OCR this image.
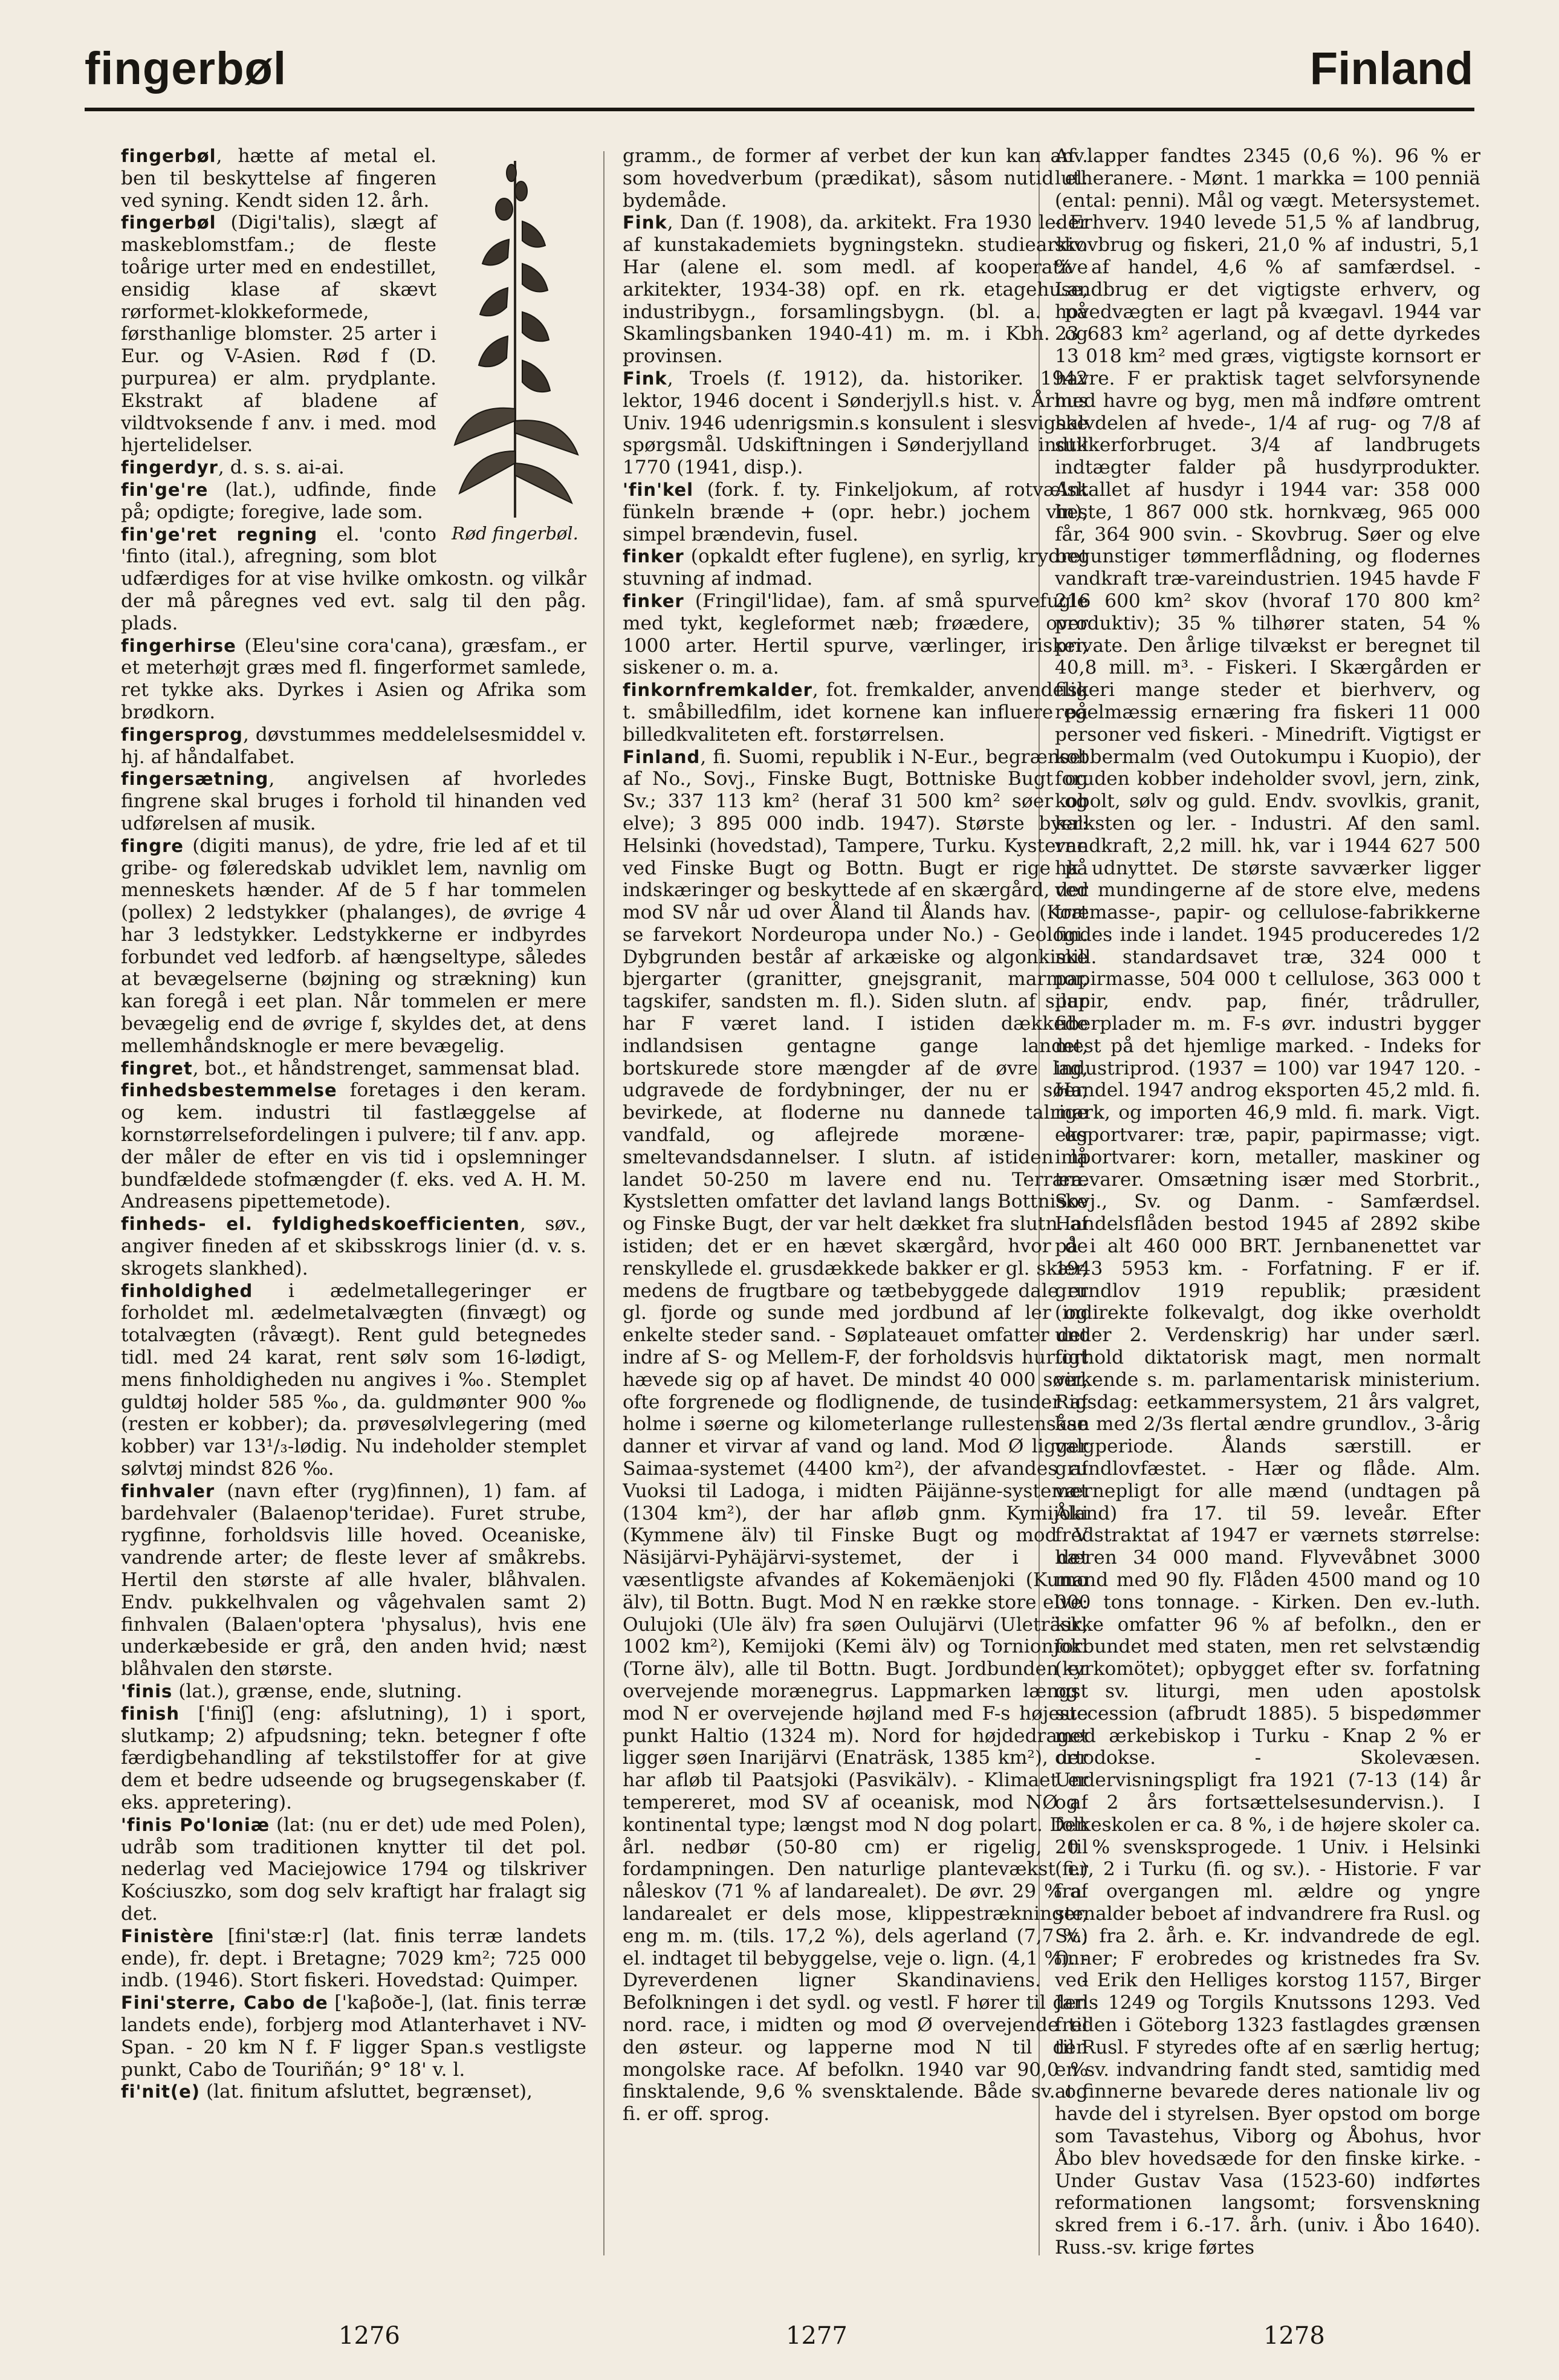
fingerbøl	Finland
Rød fingerbøl.

fingerbøl, hætte af metal el. ben til beskyttelse af fingeren ved syning. Kendt siden 12. årh.

fingerbøl (Digi'talis), slægt af maskeblomstfam.; de fleste toårige urter med en endestillet, ensidig klase af skævt rørformet-klokkeformede, førsthanlige blomster. 25 arter i Eur. og V-Asien. Rød f (D. purpurea) er alm. prydplante. Ekstrakt af bladene af vildtvoksende f anv. i med. mod hjertelidelser.

fingerdyr, d. s. s. ai-ai.

fin'ge're (lat.), udfinde, finde på; opdigte; foregive, lade som.

fin'ge'ret regning el. 'conto 'finto (ital.), afregning, som blot udfærdiges for at vise hvilke omkostn. og vilkår der må påregnes ved evt. salg til den påg. plads.

fingerhirse (Eleu'sine cora'cana), græsfam., er et meterhøjt græs med fl. fingerformet samlede, ret tykke aks. Dyrkes i Asien og Afrika som brødkorn.

fingersprog, døvstummes meddelelsesmiddel v. hj. af håndalfabet.

fingersætning, angivelsen af hvorledes fingrene skal bruges i forhold til hinanden ved udførelsen af musik.

fingre (digiti manus), de ydre, frie led af et til gribe- og føleredskab udviklet lem, navnlig om menneskets hænder. Af de 5 f har tommelen (pollex) 2 ledstykker (phalanges), de øvrige 4 har 3 ledstykker. Ledstykkerne er indbyrdes forbundet ved ledforb. af hængseltype, således at bevægelserne (bøjning og strækning) kun kan foregå i eet plan. Når tommelen er mere bevægelig end de øvrige f, skyldes det, at dens mellemhåndsknogle er mere bevægelig.

fingret, bot., et håndstrenget, sammensat blad.

finhedsbestemmelse foretages i den keram. og kem. industri til fastlæggelse af kornstørrelsefordelingen i pulvere; til f anv. app. der måler de efter en vis tid i opslemninger bundfældede stofmængder (f. eks. ved A. H. M. Andreasens pipettemetode).

finheds- el. fyldighedskoefficienten, søv., angiver fineden af et skibsskrogs linier (d. v. s. skrogets slankhed).

finholdighed i ædelmetallegeringer er forholdet ml. ædelmetalvægten (finvægt) og totalvægten (råvægt). Rent guld betegnedes tidl. med 24 karat, rent sølv som 16-lødigt, mens finholdigheden nu angives i ‰. Stemplet guldtøj holder 585 ‰, da. guldmønter 900 ‰ (resten er kobber); da. prøvesølvlegering (med kobber) var 13¹/₃-lødig. Nu indeholder stemplet sølvtøj mindst 826 ‰.

finhvaler (navn efter (ryg)finnen), 1) fam. af bardehvaler (Balaenop'teridae). Furet strube, rygfinne, forholdsvis lille hoved. Oceaniske, vandrende arter; de fleste lever af småkrebs. Hertil den største af alle hvaler, blåhvalen. Endv. pukkelhvalen og vågehvalen samt 2) finhvalen (Balaen'optera 'physalus), hvis ene underkæbeside er grå, den anden hvid; næst blåhvalen den største.

'finis (lat.), grænse, ende, slutning.

finish ['finiʃ] (eng: afslutning), 1) i sport, slutkamp; 2) afpudsning; tekn. betegner f ofte færdigbehandling af tekstilstoffer for at give dem et bedre udseende og brugsegenskaber (f. eks. appretering).

'finis Po'loniæ (lat: (nu er det) ude med Polen), udråb som traditionen knytter til det pol. nederlag ved Maciejowice 1794 og tilskriver Kościuszko, som dog selv kraftigt har fralagt sig det.

Finistère [fini'stæ:r] (lat. finis terræ landets ende), fr. dept. i Bretagne; 7029 km²; 725 000 indb. (1946). Stort fiskeri. Hovedstad: Quimper.

Fini'sterre, Cabo de ['kaβoðe-], (lat. finis terræ landets ende), forbjerg mod Atlanterhavet i NV-Span. - 20 km N f. F ligger Span.s vestligste punkt, Cabo de Touriñán; 9° 18' v. l.

fi'nit(e) (lat. finitum afsluttet, begrænset),

gramm., de former af verbet der kun kan anv. som hovedverbum (prædikat), såsom nutid el. bydemåde.

Fink, Dan (f. 1908), da. arkitekt. Fra 1930 leder af kunstakademiets bygningstekn. studiearkiv. Har (alene el. som medl. af kooperative arkitekter, 1934-38) opf. en rk. etagehuse, industribygn., forsamlingsbygn. (bl. a. på Skamlingsbanken 1940-41) m. m. i Kbh. og provinsen.

Fink, Troels (f. 1912), da. historiker. 1942 lektor, 1946 docent i Sønderjyll.s hist. v. Århus Univ. 1946 udenrigsmin.s konsulent i slesvigske spørgsmål. Udskiftningen i Sønderjylland indtil 1770 (1941, disp.).

'fin'kel (fork. f. ty. Finkeljokum, af rotvælsk fünkeln brænde + (opr. hebr.) jochem vin), simpel brændevin, fusel.

finker (opkaldt efter fuglene), en syrlig, krydret stuvning af indmad.

finker (Fringil'lidae), fam. af små spurvefugle med tykt, kegleformet næb; frøædere, over 1000 arter. Hertil spurve, værlinger, irisker, siskener o. m. a.

finkornfremkalder, fot. fremkalder, anvendelig t. småbilledfilm, idet kornene kan influere på billedkvaliteten eft. forstørrelsen.

Finland, fi. Suomi, republik i N-Eur., begrænset af No., Sovj., Finske Bugt, Bottniske Bugt og Sv.; 337 113 km² (heraf 31 500 km² søer og elve); 3 895 000 indb. 1947). Største byer: Helsinki (hovedstad), Tampere, Turku. Kysterne ved Finske Bugt og Bottn. Bugt er rige på indskæringer og beskyttede af en skærgård, der mod SV når ud over Åland til Ålands hav. (Kort se farvekort Nordeuropa under No.) - Geologi. Dybgrunden består af arkæiske og algonkiske bjergarter (granitter, gnejsgranit, marmor, tagskifer, sandsten m. fl.). Siden slutn. af silur har F været land. I istiden dækkede indlandsisen gentagne gange landet, bortskurede store mængder af de øvre lag, udgravede de fordybninger, der nu er søer, bevirkede, at floderne nu dannede talrige vandfald, og aflejrede moræne- og smeltevandsdannelser. I slutn. af istiden lå landet 50-250 m lavere end nu. Terræn. Kystsletten omfatter det lavland langs Bottniske og Finske Bugt, der var helt dækket fra slutn. af istiden; det er en hævet skærgård, hvor de renskyllede el. grusdækkede bakker er gl. skær, medens de frugtbare og tætbebyggede dale er gl. fjorde og sunde med jordbund af ler og enkelte steder sand. - Søplateauet omfatter det indre af S- og Mellem-F, der forholdsvis hurtigt hævede sig op af havet. De mindst 40 000 søer, ofte forgrenede og flodlignende, de tusinder af holme i søerne og kilometerlange rullestensåse danner et virvar af vand og land. Mod Ø ligger Saimaa-systemet (4400 km²), der afvandes af Vuoksi til Ladoga, i midten Päijänne-systemet (1304 km²), der har afløb gnm. Kymijoki (Kymmene älv) til Finske Bugt og mod V Näsijärvi-Pyhäjärvi-systemet, der i det væsentligste afvandes af Kokemäenjoki (Kumo älv), til Bottn. Bugt. Mod N en række store elve: Oulujoki (Ule älv) fra søen Oulujärvi (Uleträsk, 1002 km²), Kemijoki (Kemi älv) og Tornionjoki (Torne älv), alle til Bottn. Bugt. Jordbunden er overvejende morænegrus. Lappmarken længst mod N er overvejende højland med F-s højeste punkt Haltio (1324 m). Nord for højdedraget ligger søen Inarijärvi (Enaträsk, 1385 km²), der har afløb til Paatsjoki (Pasvikälv). - Klimaet er tempereret, mod SV af oceanisk, mod NØ af kontinental type; længst mod N dog polart. Den årl. nedbør (50-80 cm) er rigelig, til fordampningen. Den naturlige plantevækst er nåleskov (71 % af landarealet). De øvr. 29 % af landarealet er dels mose, klippestrækninger, eng m. m. (tils. 17,2 %), dels agerland (7,7 %) el. indtaget til bebyggelse, veje o. lign. (4,1 %). - Dyreverdenen ligner Skandinaviens. - Befolkningen i det sydl. og vestl. F hører til den nord. race, i midten og mod Ø overvejende til den østeur. og lapperne mod N til den mongolske race. Af befolkn. 1940 var 90,0 % finsktalende, 9,6 % svensktalende. Både sv. og fi. er off. sprog.

Af lapper fandtes 2345 (0,6 %). 96 % er lutheranere. - Mønt. 1 markka = 100 penniä (ental: penni). Mål og vægt. Metersystemet. - Erhverv. 1940 levede 51,5 % af landbrug, skovbrug og fiskeri, 21,0 % af industri, 5,1 % af handel, 4,6 % af samfærdsel. - Landbrug er det vigtigste erhverv, og hovedvægten er lagt på kvægavl. 1944 var 23 683 km² agerland, og af dette dyrkedes 13 018 km² med græs, vigtigste kornsort er havre. F er praktisk taget selvforsynende med havre og byg, men må indføre omtrent halvdelen af hvede-, 1/4 af rug- og 7/8 af sukkerforbruget. 3/4 af landbrugets indtægter falder på husdyrprodukter. Antallet af husdyr i 1944 var: 358 000 heste, 1 867 000 stk. hornkvæg, 965 000 får, 364 900 svin. - Skovbrug. Søer og elve begunstiger tømmerflådning, og flodernes vandkraft træ-vareindustrien. 1945 havde F 216 600 km² skov (hvoraf 170 800 km² produktiv); 35 % tilhører staten, 54 % private. Den årlige tilvækst er beregnet til 40,8 mill. m³. - Fiskeri. I Skærgården er fiskeri mange steder et bierhverv, og regelmæssig ernæring fra fiskeri 11 000 personer ved fiskeri. - Minedrift. Vigtigst er kobbermalm (ved Outokumpu i Kuopio), der foruden kobber indeholder svovl, jern, zink, kobolt, sølv og guld. Endv. svovlkis, granit, kalksten og ler. - Industri. Af den saml. vandkraft, 2,2 mill. hk, var i 1944 627 500 hk udnyttet. De største savværker ligger ved mundingerne af de store elve, medens træmasse-, papir- og cellulose-fabrikkerne findes inde i landet. 1945 produceredes 1/2 mill. standardsavet træ, 324 000 t papirmasse, 504 000 t cellulose, 363 000 t papir, endv. pap, finér, trådruller, fiberplader m. m. F-s øvr. industri bygger mest på det hjemlige marked. - Indeks for industriprod. (1937 = 100) var 1947 120. - Handel. 1947 androg eksporten 45,2 mld. fi. mark, og importen 46,9 mld. fi. mark. Vigt. eksportvarer: træ, papir, papirmasse; vigt. importvarer: korn, metaller, maskiner og trævarer. Omsætning især med Storbrit., Sovj., Sv. og Danm. - Samfærdsel. Handelsflåden bestod 1945 af 2892 skibe på i alt 460 000 BRT. Jernbanenettet var 1943 5953 km. - Forfatning. F er if. grundlov 1919 republik; præsident (indirekte folkevalgt, dog ikke overholdt under 2. Verdenskrig) har under særl. forhold diktatorisk magt, men normalt virkende s. m. parlamentarisk ministerium. Rigsdag: eetkammersystem, 21 års valgret, kan med 2/3s flertal ændre grundlov., 3-årig valgperiode. Ålands særstill. er grundlovfæstet. - Hær og flåde. Alm. værnepligt for alle mænd (undtagen på Åland) fra 17. til 59. leveår. Efter fredstraktat af 1947 er værnets størrelse: hæren 34 000 mand. Flyvevåbnet 3000 mand med 90 fly. Flåden 4500 mand og 10 000 tons tonnage. - Kirken. Den ev.-luth. kirke omfatter 96 % af befolkn., den er forbundet med staten, men ret selvstændig (kyrkomötet); opbygget efter sv. forfatning og sv. liturgi, men uden apostolsk succession (afbrudt 1885). 5 bispedømmer med ærkebiskop i Turku - Knap 2 % er ortodokse. - Skolevæsen. Undervisningspligt fra 1921 (7-13 (14) år og 2 års fortsættelsesundervisn.). I folkeskolen er ca. 8 %, i de højere skoler ca. 20 % svensksprogede. 1 Univ. i Helsinki (fi.), 2 i Turku (fi. og sv.). - Historie. F var fra overgangen ml. ældre og yngre stenalder beboet af indvandrere fra Rusl. og Sv.; fra 2. årh. e. Kr. indvandrede de egl. finner; F erobredes og kristnedes fra Sv. ved Erik den Helliges korstog 1157, Birger Jarls 1249 og Torgils Knutssons 1293. Ved freden i Göteborg 1323 fastlagdes grænsen til Rusl. F styredes ofte af en særlig hertug; en sv. indvandring fandt sted, samtidig med at finnerne bevarede deres nationale liv og havde del i styrelsen. Byer opstod om borge som Tavastehus, Viborg og Åbohus, hvor Åbo blev hovedsæde for den finske kirke. - Under Gustav Vasa (1523-60) indførtes reformationen langsomt; forsvenskning skred frem i 6.-17. årh. (univ. i Åbo 1640). Russ.-sv. krige førtes

1276	1277	1278
